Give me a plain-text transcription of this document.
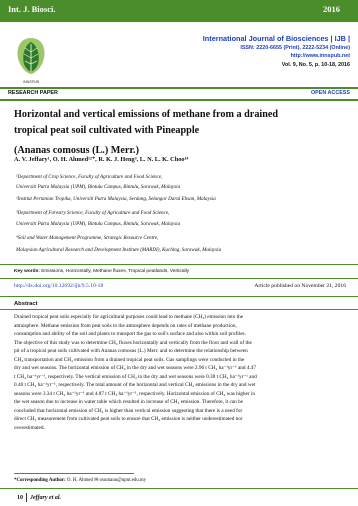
Int. J. Biosci.	2016
INNSPUB
International Journal of Biosciences | IJB |
ISSN: 2220-6655 (Print), 2222-5234 (Online)
http://www.innspub.net
Vol. 9, No. 5, p. 10-18, 2016
RESEARCH PAPER	OPEN ACCESS
Horizontal and vertical emissions of methane from a drained
tropical peat soil cultivated with Pineapple
(Ananas comosus (L.) Merr.)
A. V. Jeffary¹, O. H. Ahmed¹²⁺, R. K. J. Heng³, L. N. L. K. Choo¹⁴
¹Department of Crop Science, Faculty of Agriculture and Food Science,
Universiti Putra Malaysia (UPM), Bintulu Campus, Bintulu, Sarawak, Malaysia
²Institut Pertanian Tropika, Universiti Putra Malaysia, Serdang, Selangor Darul Ehsan, Malaysia
³Department of Forestry Science, Faculty of Agriculture and Food Science,
Universiti Putra Malaysia (UPM), Bintulu Campus, Bintulu, Sarawak, Malaysia
⁴Soil and Water Management Programme, Strategic Resource Centre,
Malaysian Agricultural Research and Development Institute (MARDI), Kuching, Sarawak, Malaysia
Key words: Emissions, Horizontally, Methane fluxes, Tropical peatlands, Vertically
http://dx.doi.org/10.12692/ijb/9.5.10-18	Article published on November 21, 2016
Abstract
Drained tropical peat soils especially for agricultural purposes could lead to methane (CH₄) emission into the
atmosphere. Methane emission from peat soils to the atmosphere depends on rates of methane production,
consumption and ability of the soil and plants to transport the gas to soil's surface and also within soil profiles.
The objective of this study was to determine CH₄ fluxes horizontally and vertically from the floor and wall of the
pit of a tropical peat soils cultivated with Ananas comosus (L.) Merr. and to determine the relationship between
CH₄ transportation and CH₄ emission from a drained tropical peat soils. Gas samplings were conducted in the
dry and wet seasons. The horizontal emission of CH₄ in the dry and wet seasons were 2.96 t CH₄ ha⁻¹yr⁻¹ and 4.47
t CH₄ ha⁻¹yr⁻¹, respectively. The vertical emission of CH₄ in the dry and wet seasons were 0.38 t CH₄ ha⁻¹yr⁻¹ and
0.40 t CH₄ ha⁻¹yr⁻¹, respectively. The total amount of the horizontal and vertical CH₄ emissions in the dry and wet
seasons were 3.34 t CH₄ ha⁻¹yr⁻¹ and 4.87 t CH₄ ha⁻¹yr⁻¹, respectively. Horizontal emission of CH₄ was higher in
the wet season due to increase in water table which resulted in increase of CH₄ emission. Therefore, it can be
concluded that horizontal emission of CH₄ is higher than vertical emission suggesting that there is a need for
direct CH₄ measurement from cultivated peat soils to ensure that CH₄ emission is neither underestimated nor
overestimated.
*Corresponding Author: O. H. Ahmed ✉ osumanu@upm.edu.my
10 Jeffary et al.
